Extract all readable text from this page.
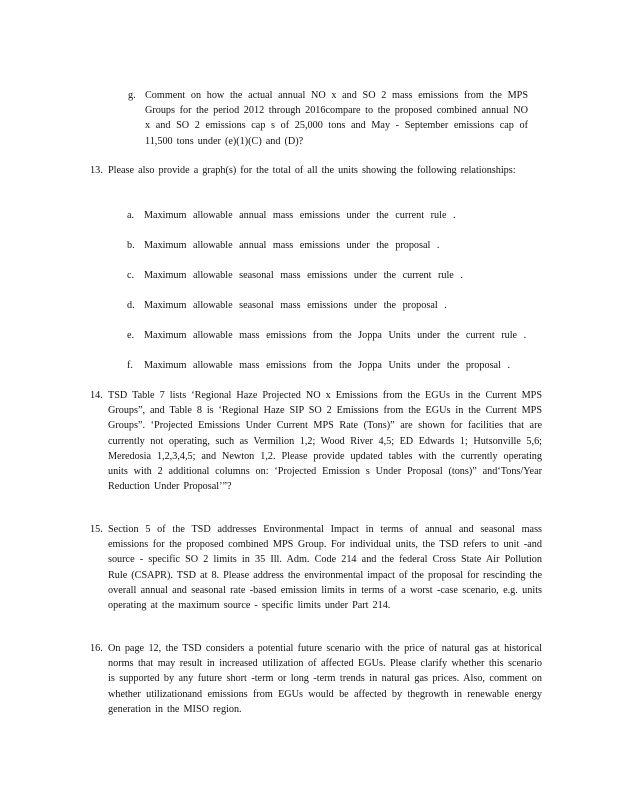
g. Comment on how the actual annual NO x and SO 2 mass emissions from the MPS Groups for the period 2012 through 2016compare to the proposed combined annual NO x and SO 2 emissions cap s of 25,000 tons and May - September emissions cap of 11,500 tons under (e)(1)(C) and (D)?
13. Please also provide a graph(s) for the total of all the units showing the following relationships:
a. Maximum allowable annual mass emissions under the current rule .
b. Maximum allowable annual mass emissions under the proposal .
c. Maximum allowable seasonal mass emissions under the current rule .
d. Maximum allowable seasonal mass emissions under the proposal .
e. Maximum allowable mass emissions from the Joppa Units under the current rule .
f. Maximum allowable mass emissions from the Joppa Units under the proposal .
14. TSD Table 7 lists ‘Regional Haze Projected NO x Emissions from the EGUs in the Current MPS Groups”, and Table 8 is ‘Regional Haze SIP SO 2 Emissions from the EGUs in the Current MPS Groups”. ‘Projected Emissions Under Current MPS Rate (Tons)” are shown for facilities that are currently not operating, such as Vermilion 1,2; Wood River 4,5; ED Edwards 1; Hutsonville 5,6; Meredosia 1,2,3,4,5; and Newton 1,2. Please provide updated tables with the currently operating units with 2 additional columns on: ‘Projected Emission s Under Proposal (tons)” and‘Tons/Year Reduction Under Proposal’”?
15. Section 5 of the TSD addresses Environmental Impact in terms of annual and seasonal mass emissions for the proposed combined MPS Group. For individual units, the TSD refers to unit -and source - specific SO 2 limits in 35 Ill. Adm. Code 214 and the federal Cross State Air Pollution Rule (CSAPR). TSD at 8. Please address the environmental impact of the proposal for rescinding the overall annual and seasonal rate -based emission limits in terms of a worst -case scenario, e.g. units operating at the maximum source - specific limits under Part 214.
16. On page 12, the TSD considers a potential future scenario with the price of natural gas at historical norms that may result in increased utilization of affected EGUs. Please clarify whether this scenario is supported by any future short -term or long -term trends in natural gas prices. Also, comment on whether utilizationand emissions from EGUs would be affected by thegrowth in renewable energy generation in the MISO region.
